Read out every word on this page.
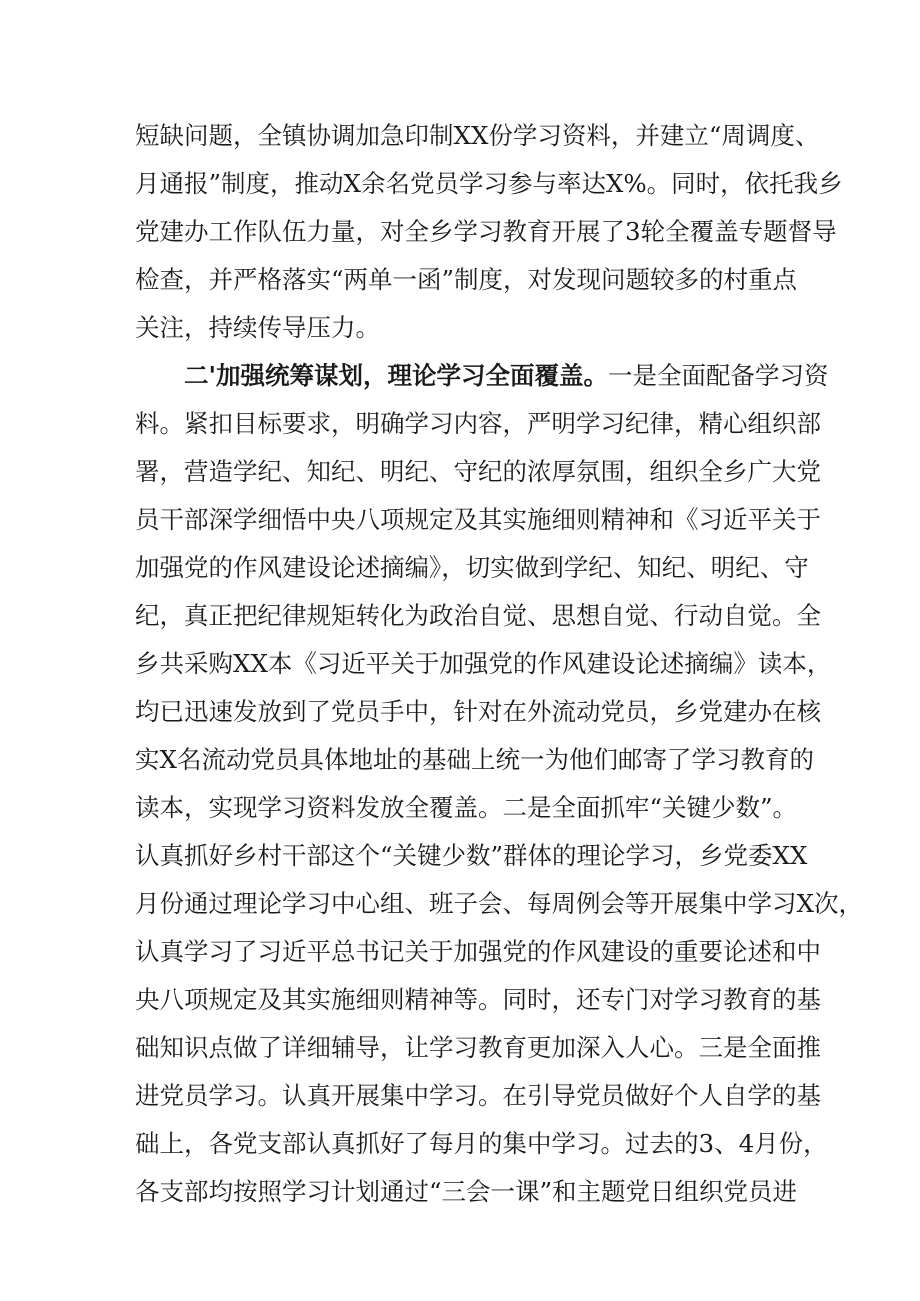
短缺问题，全镇协调加急印制XX份学习资料，并建立“周调度、
月通报”制度，推动X余名党员学习参与率达X%。同时，依托我乡
党建办工作队伍力量，对全乡学习教育开展了3轮全覆盖专题督导
检查，并严格落实“两单一函”制度，对发现问题较多的村重点
关注，持续传导压力。
二'加强统筹谋划，理论学习全面覆盖。一是全面配备学习资
料。紧扣目标要求，明确学习内容，严明学习纪律，精心组织部
署，营造学纪、知纪、明纪、守纪的浓厚氛围，组织全乡广大党
员干部深学细悟中央八项规定及其实施细则精神和《习近平关于
加强党的作风建设论述摘编》，切实做到学纪、知纪、明纪、守
纪，真正把纪律规矩转化为政治自觉、思想自觉、行动自觉。全
乡共采购XX本《习近平关于加强党的作风建设论述摘编》读本，
均已迅速发放到了党员手中，针对在外流动党员，乡党建办在核
实X名流动党员具体地址的基础上统一为他们邮寄了学习教育的
读本，实现学习资料发放全覆盖。二是全面抓牢“关键少数”。
认真抓好乡村干部这个“关键少数”群体的理论学习，乡党委XX
月份通过理论学习中心组、班子会、每周例会等开展集中学习X次，
认真学习了习近平总书记关于加强党的作风建设的重要论述和中
央八项规定及其实施细则精神等。同时，还专门对学习教育的基
础知识点做了详细辅导，让学习教育更加深入人心。三是全面推
进党员学习。认真开展集中学习。在引导党员做好个人自学的基
础上，各党支部认真抓好了每月的集中学习。过去的3、4月份，
各支部均按照学习计划通过“三会一课”和主题党日组织党员进
